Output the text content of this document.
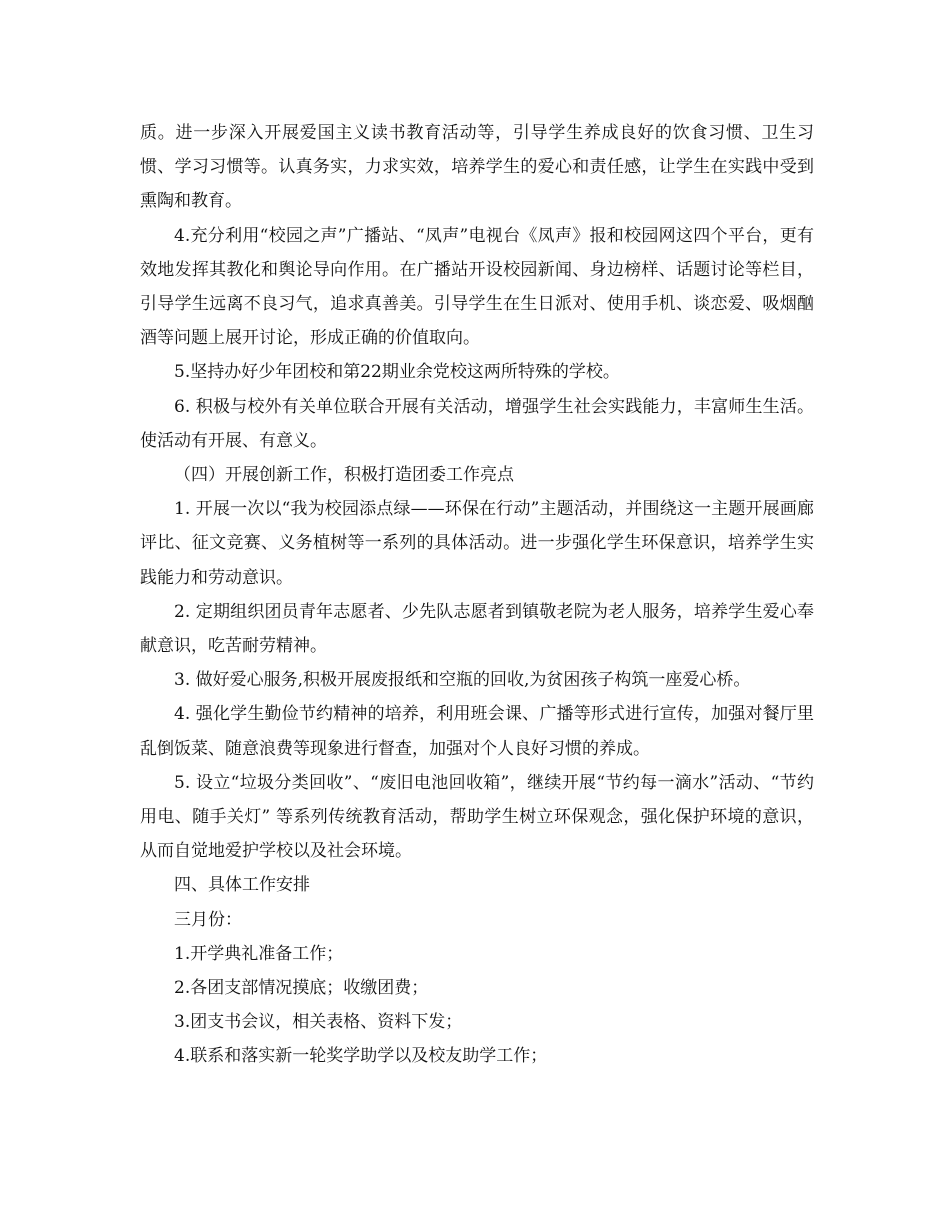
质。进一步深入开展爱国主义读书教育活动等，引导学生养成良好的饮食习惯、卫生习惯、学习习惯等。认真务实，力求实效，培养学生的爱心和责任感，让学生在实践中受到熏陶和教育。

4.充分利用“校园之声”广播站、“凤声”电视台《凤声》报和校园网这四个平台，更有效地发挥其教化和舆论导向作用。在广播站开设校园新闻、身边榜样、话题讨论等栏目，引导学生远离不良习气，追求真善美。引导学生在生日派对、使用手机、谈恋爱、吸烟酗酒等问题上展开讨论，形成正确的价值取向。

5.坚持办好少年团校和第22期业余党校这两所特殊的学校。

6. 积极与校外有关单位联合开展有关活动，增强学生社会实践能力，丰富师生生活。使活动有开展、有意义。

（四）开展创新工作，积极打造团委工作亮点

1. 开展一次以“我为校园添点绿——环保在行动”主题活动，并围绕这一主题开展画廊评比、征文竞赛、义务植树等一系列的具体活动。进一步强化学生环保意识，培养学生实践能力和劳动意识。

2. 定期组织团员青年志愿者、少先队志愿者到镇敬老院为老人服务，培养学生爱心奉献意识，吃苦耐劳精神。

3. 做好爱心服务,积极开展废报纸和空瓶的回收,为贫困孩子构筑一座爱心桥。

4. 强化学生勤俭节约精神的培养，利用班会课、广播等形式进行宣传，加强对餐厅里乱倒饭菜、随意浪费等现象进行督查，加强对个人良好习惯的养成。

5. 设立“垃圾分类回收”、“废旧电池回收箱”，继续开展“节约每一滴水”活动、“节约用电、随手关灯” 等系列传统教育活动，帮助学生树立环保观念，强化保护环境的意识，从而自觉地爱护学校以及社会环境。

四、具体工作安排

三月份：

1.开学典礼准备工作；

2.各团支部情况摸底；收缴团费；

3.团支书会议，相关表格、资料下发；

4.联系和落实新一轮奖学助学以及校友助学工作；
